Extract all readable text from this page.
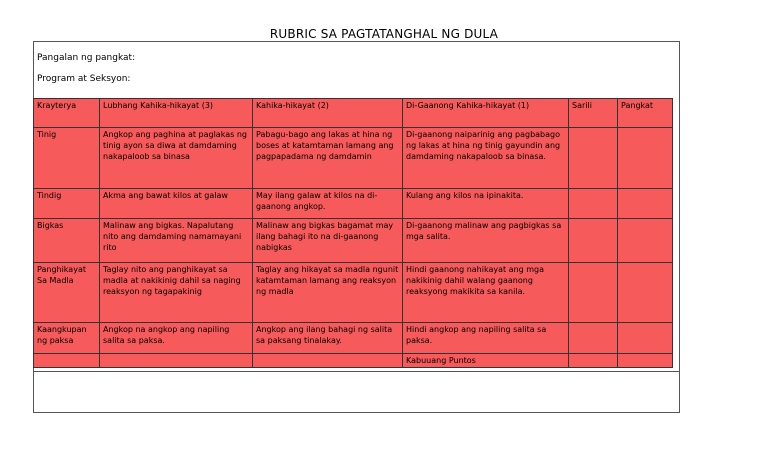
RUBRIC SA PAGTATANGHAL NG DULA
Pangalan ng pangkat:
Program at Seksyon:
Krayterya	Lubhang Kahika-hikayat (3)	Kahika-hikayat (2)	Di-Gaanong Kahika-hikayat (1)	Sarili	Pangkat
Tinig	Angkop ang paghina at paglakas ng tinig ayon sa diwa at damdaming nakapaloob sa binasa	Pabagu-bago ang lakas at hina ng boses at katamtaman lamang ang pagpapadama ng damdamin	Di-gaanong naiparinig ang pagbabago ng lakas at hina ng tinig gayundin ang damdaming nakapaloob sa binasa.		
Tindig	Akma ang bawat kilos at galaw	May ilang galaw at kilos na di-gaanong angkop.	Kulang ang kilos na ipinakita.		
Bigkas	Malinaw ang bigkas. Napalutang nito ang damdaming namamayani rito	Malinaw ang bigkas bagamat may ilang bahagi ito na di-gaanong nabigkas	Di-gaanong malinaw ang pagbigkas sa mga salita.		
Panghikayat Sa Madla	Taglay nito ang panghikayat sa madla at nakikinig dahil sa naging reaksyon ng tagapakinig	Taglay ang hikayat sa madla ngunit katamtaman lamang ang reaksyon ng madla	Hindi gaanong nahikayat ang mga nakikinig dahil walang gaanong reaksyong makikita sa kanila.		
Kaangkupan ng paksa	Angkop na angkop ang napiling salita sa paksa.	Angkop ang ilang bahagi ng salita sa paksang tinalakay.	Hindi angkop ang napiling salita sa paksa.		
			Kabuuang Puntos		
